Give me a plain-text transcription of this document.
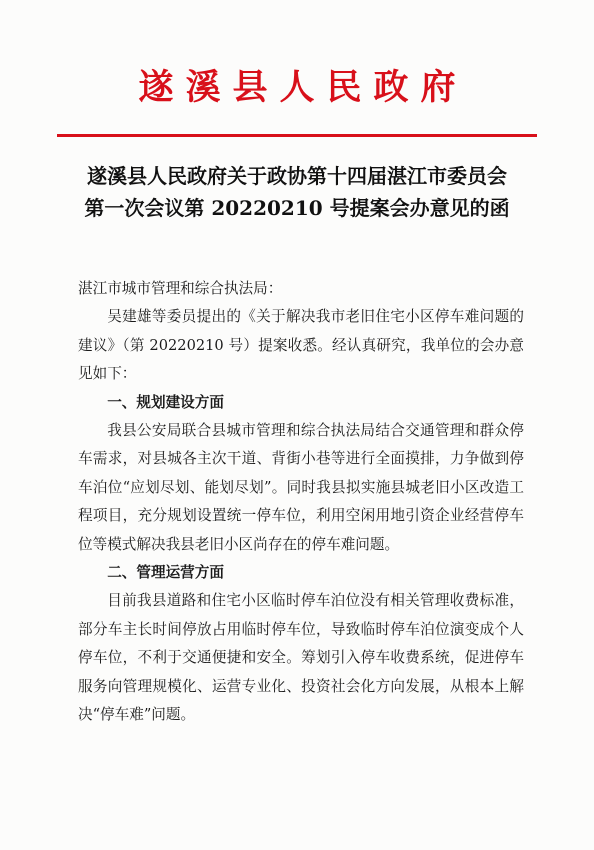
遂溪县人民政府
遂溪县人民政府关于政协第十四届湛江市委员会
第一次会议第 20220210 号提案会办意见的函

湛江市城市管理和综合执法局：

吴建雄等委员提出的《关于解决我市老旧住宅小区停车难问题的建议》（第 20220210 号）提案收悉。经认真研究，我单位的会办意见如下：

一、规划建设方面

我县公安局联合县城市管理和综合执法局结合交通管理和群众停车需求，对县城各主次干道、背街小巷等进行全面摸排，力争做到停车泊位“应划尽划、能划尽划”。同时我县拟实施县城老旧小区改造工程项目，充分规划设置统一停车位，利用空闲用地引资企业经营停车位等模式解决我县老旧小区尚存在的停车难问题。

二、管理运营方面

目前我县道路和住宅小区临时停车泊位没有相关管理收费标准，部分车主长时间停放占用临时停车位，导致临时停车泊位演变成个人停车位，不利于交通便捷和安全。筹划引入停车收费系统，促进停车服务向管理规模化、运营专业化、投资社会化方向发展，从根本上解决“停车难”问题。
